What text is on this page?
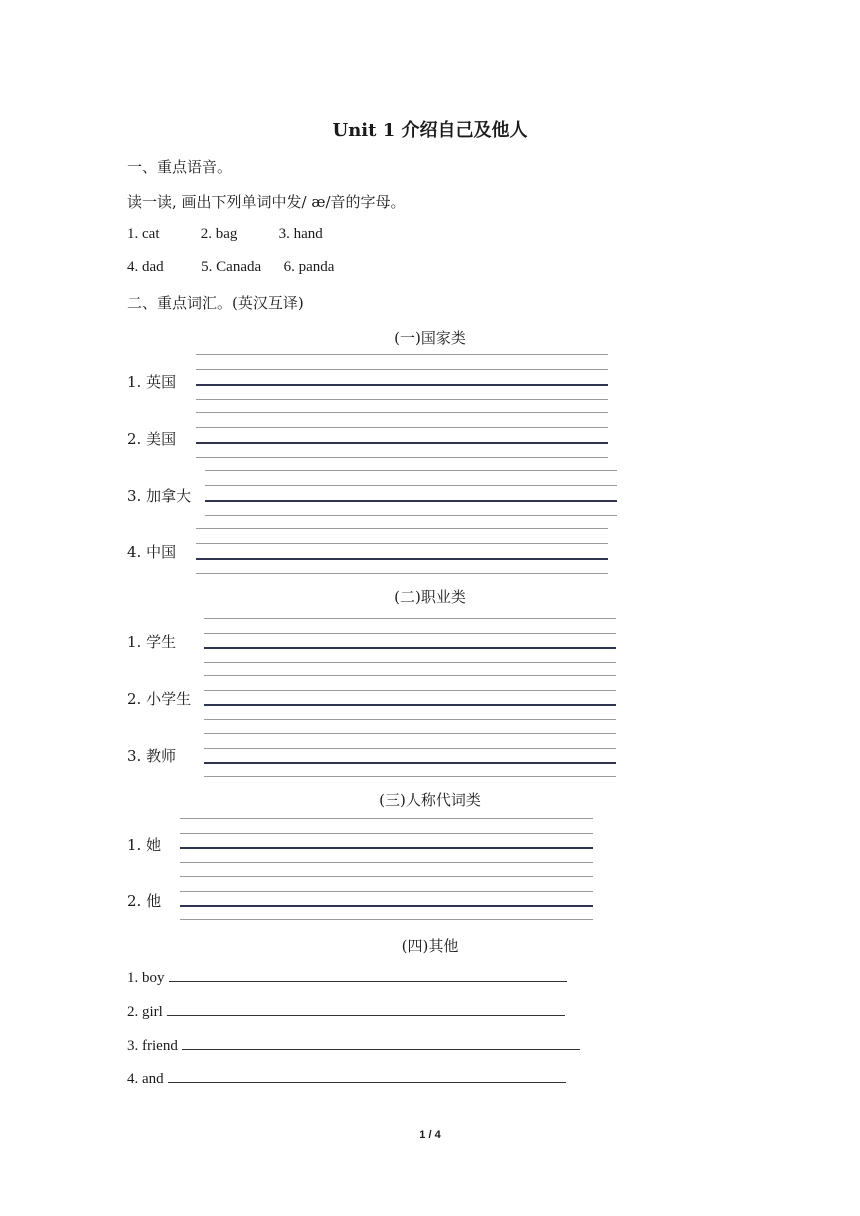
Unit 1 介绍自己及他人
一、重点语音。
读一读, 画出下列单词中发/ æ/音的字母。
1. cat           2. bag           3. hand
4. dad          5. Canada      6. panda
二、重点词汇。(英汉互译)
(一)国家类
1. 英国
2. 美国
3. 加拿大
4. 中国
(二)职业类
1. 学生
2. 小学生
3. 教师
(三)人称代词类
1. 她
2. 他
(四)其他
1. boy
2. girl
3. friend
4. and
1 / 4
